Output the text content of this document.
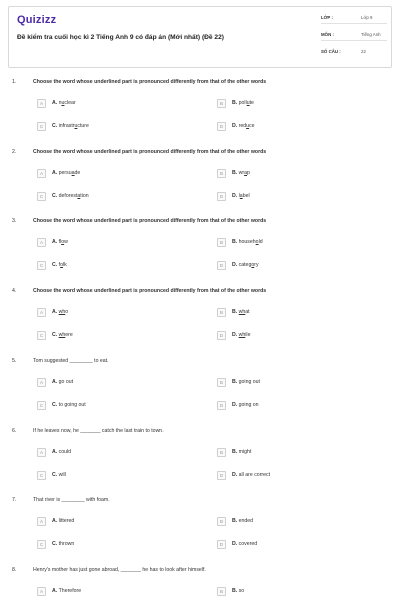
Quizizz
Đề kiểm tra cuối học kì 2 Tiếng Anh 9 có đáp án (Mới nhất) (Đề 22)
LỚP :	Lớp 9
MÔN :	Tiếng Anh
SỐ CÂU :	22
1.	Choose the word whose underlined part is pronounced differently from that of the other words
A	A. nuclear	B	B. pollute
C	C. infrastructure	D	D. reduce
2.	Choose the word whose underlined part is pronounced differently from that of the other words
A	A. persuade	B	B. wrap
C	C. deforestation	D	D. label
3.	Choose the word whose underlined part is pronounced differently from that of the other words
A	A. flow	B	B. household
C	C. folk	D	D. category
4.	Choose the word whose underlined part is pronounced differently from that of the other words
A	A. who	B	B. what
C	C. where	D	D. while
5.	Tom suggested ________ to eat.
A	A. go out	B	B. going out
C	C. to going out	D	D. going on
6.	If he leaves now, he _______ catch the last train to town.
A	A. could	B	B. might
C	C. will	D	D. all are correct
7.	That river is ________ with foam.
A	A. littered	B	B. ended
C	C. thrown	D	D. covered
8.	Henry's mother has just gone abroad, _______ he has to look after himself.
A	A. Therefore	B	B. so
